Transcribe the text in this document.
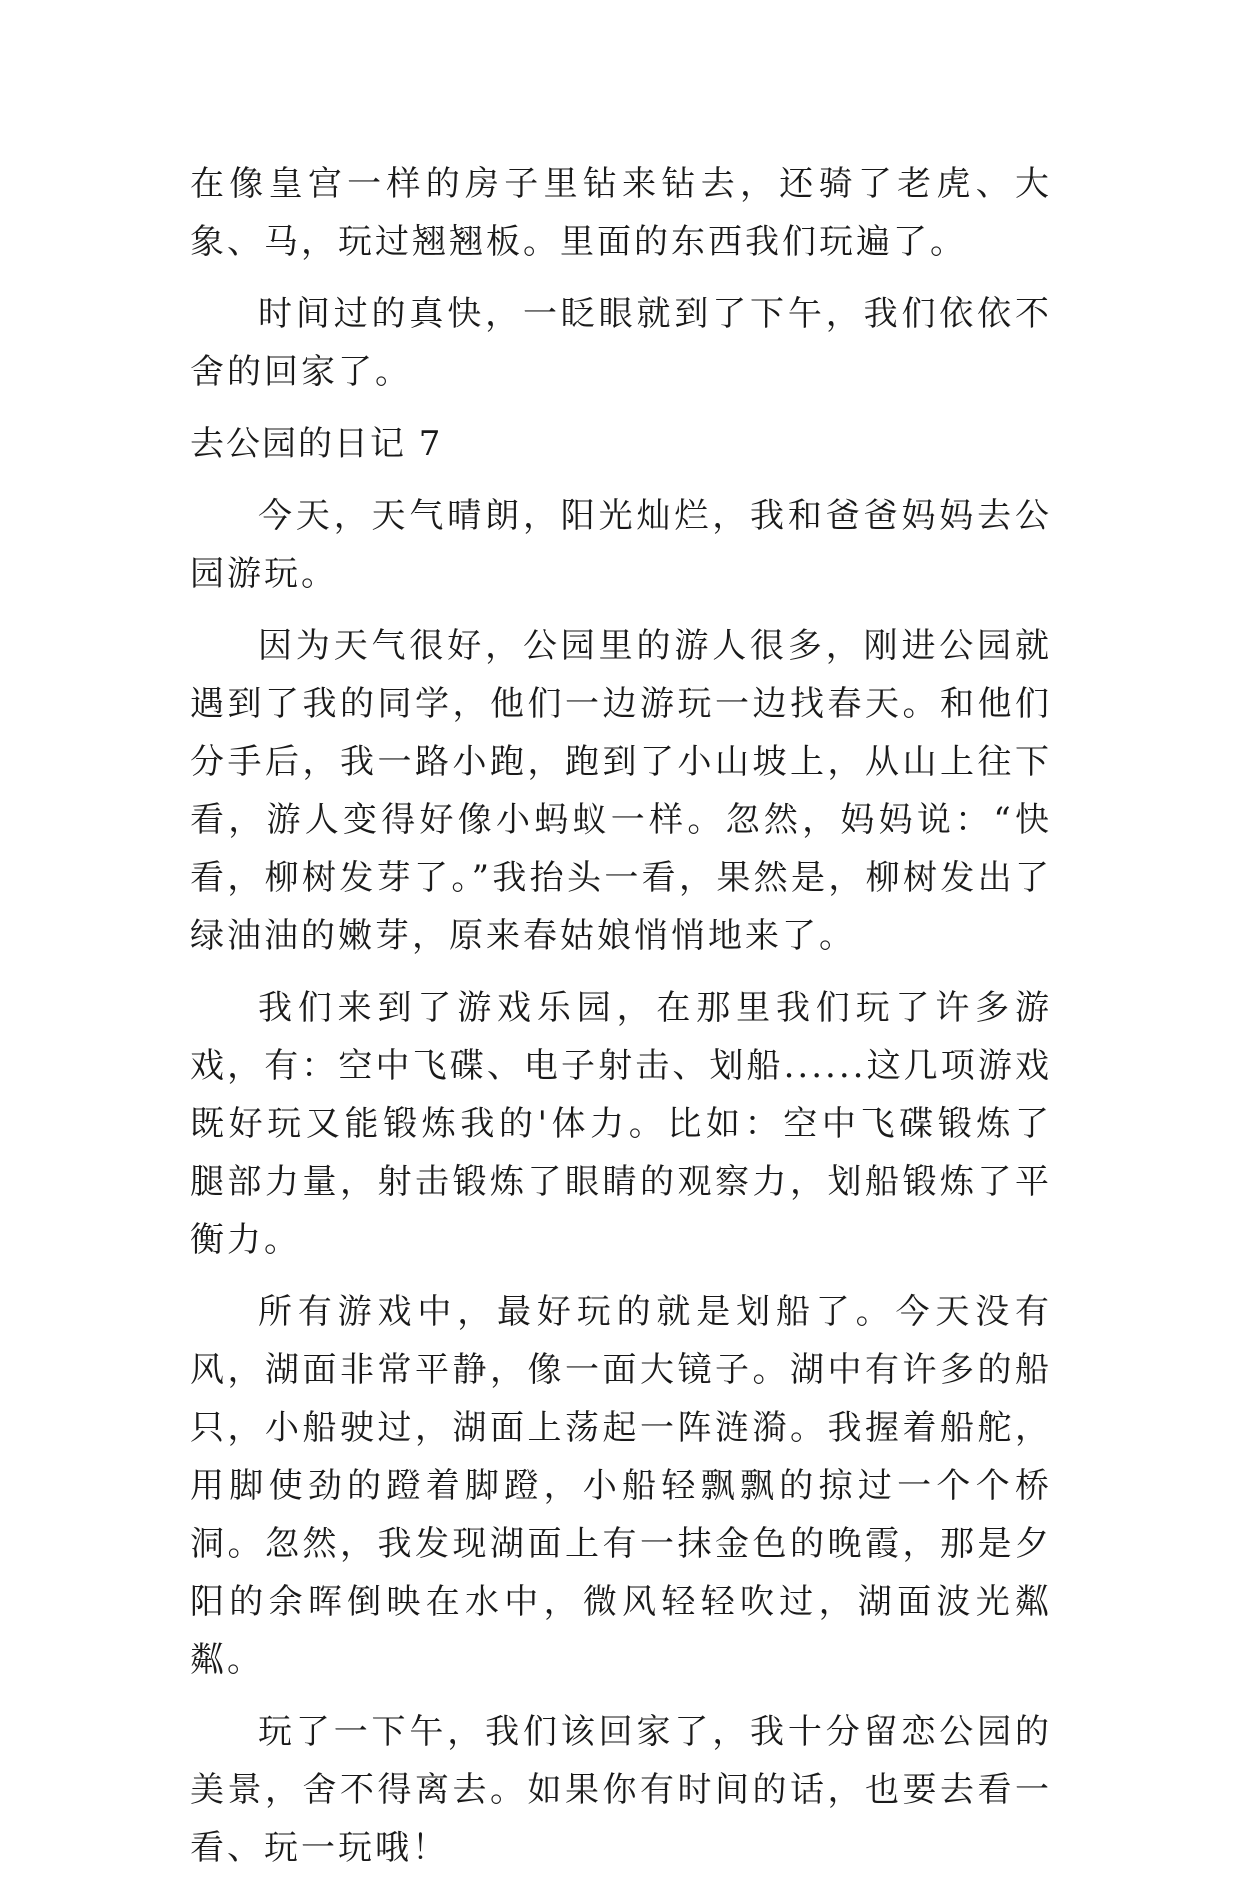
在像皇宫一样的房子里钻来钻去，还骑了老虎、大象、马，玩过翘翘板。里面的东西我们玩遍了。

时间过的真快，一眨眼就到了下午，我们依依不舍的回家了。

去公园的日记 7

今天，天气晴朗，阳光灿烂，我和爸爸妈妈去公园游玩。

因为天气很好，公园里的游人很多，刚进公园就遇到了我的同学，他们一边游玩一边找春天。和他们分手后，我一路小跑，跑到了小山坡上，从山上往下看，游人变得好像小蚂蚁一样。忽然，妈妈说：“快看，柳树发芽了。”我抬头一看，果然是，柳树发出了绿油油的嫩芽，原来春姑娘悄悄地来了。

我们来到了游戏乐园，在那里我们玩了许多游戏，有：空中飞碟、电子射击、划船......这几项游戏既好玩又能锻炼我的'体力。比如：空中飞碟锻炼了腿部力量，射击锻炼了眼睛的观察力，划船锻炼了平衡力。

所有游戏中，最好玩的就是划船了。今天没有风，湖面非常平静，像一面大镜子。湖中有许多的船只，小船驶过，湖面上荡起一阵涟漪。我握着船舵，用脚使劲的蹬着脚蹬，小船轻飘飘的掠过一个个桥洞。忽然，我发现湖面上有一抹金色的晚霞，那是夕阳的余晖倒映在水中，微风轻轻吹过，湖面波光粼粼。

玩了一下午，我们该回家了，我十分留恋公园的美景，舍不得离去。如果你有时间的话，也要去看一看、玩一玩哦！
